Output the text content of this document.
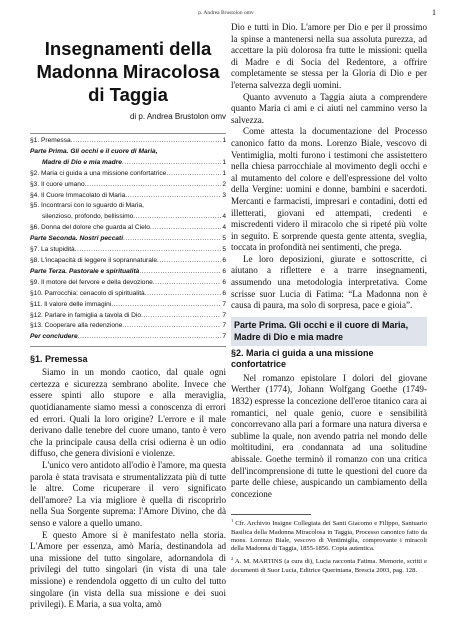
p. Andrea Brustolon omv	1
Insegnamenti della
Madonna Miracolosa
di Taggia
di p. Andrea Brustolon omv
§1. Premessa .....	1
Parte Prima. Gli occhi e il cuore di Maria,
Madre di Dio e mia madre .....	1
§2. Maria ci guida a una missione confortatrice .....	1
§3. Il cuore umano .....	2
§4. Il Cuore Immacolato di Maria .....	3
§5. Incontrarsi con lo sguardo di Maria,
silenzioso, profondo, bellissimo .....	4
§6. Donna del dolore che guarda al Cielo .....	4
Parte Seconda. Nostri peccati .....	5
§7. La stupidità .....	5
§8. L'incapacità di leggere il soprannaturale .....	6
Parte Terza. Pastorale e spiritualità .....	6
§9. Il motore del fervore e della devozione .....	6
§10. Parrocchia: cenacolo di spiritualità .....	6
§11. Il valore delle immagini .....	7
§12. Parlare in famiglia a tavola di Dio .....	7
§13. Cooperare alla redenzione .....	7
Per concludere .....	7
§1. Premessa

Siamo in un mondo caotico, dal quale ogni certezza e sicurezza sembrano abolite. Invece che essere spinti allo stupore e alla meraviglia, quotidianamente siamo messi a conoscenza di errori ed errori. Quali la loro origine? L'errore e il male derivano dalle tenebre del cuore umano, tanto è vero che la principale causa della crisi odierna è un odio diffuso, che genera divisioni e violenze.

L'unico vero antidoto all'odio è l'amore, ma questa parola è stata travisata e strumentalizzata più di tutte le altre. Come ricuperare il vero significato dell'amore? La via migliore è quella di riscoprirlo nella Sua Sorgente suprema: l'Amore Divino, che dà senso e valore a quello umano.

E questo Amore si è manifestato nella storia. L'Amore per essenza, amò Maria, destinandola ad una missione del tutto singolare, adornandola di privilegi del tutto singolari (in vista di una tale missione) e rendendola oggetto di un culto del tutto singolare (in vista della sua missione e dei suoi privilegi). E Maria, a sua volta, amò

Dio e tutti in Dio. L'amore per Dio e per il prossimo la spinse a mantenersi nella sua assoluta purezza, ad accettare la più dolorosa fra tutte le missioni: quella di Madre e di Socia del Redentore, a offrire completamente se stessa per la Gloria di Dio e per l'eterna salvezza degli uomini.

Quanto avvenuto a Taggia aiuta a comprendere quanto Maria ci ami e ci aiuti nel cammino verso la salvezza.

Come attesta la documentazione del Processo canonico fatto da mons. Lorenzo Biale, vescovo di Ventimiglia, molti furono i testimoni che assistettero nella chiesa parrocchiale al movimento degli occhi e al mutamento del colore e dell'espressione del volto della Vergine: uomini e donne, bambini e sacerdoti. Mercanti e farmacisti, impresari e contadini, dotti ed illetterati, giovani ed attempati, credenti e miscredenti videro il miracolo che si ripeté più volte in seguito. E sorprende questa gente attenta, sveglia, toccata in profondità nei sentimenti, che prega.

Le loro deposizioni, giurate e sottoscritte, ci aiutano a riflettere e a trarre insegnamenti, assumendo una metodologia interpretativa. Come scrisse suor Lucia di Fatima: “La Madonna non è causa di paura, ma solo di sorpresa, pace e gioia”.

Parte Prima. Gli occhi e il cuore di Maria, Madre di Dio e mia madre
§2. Maria ci guida a una missione confortatrice

Nel romanzo epistolare I dolori del giovane Werther (1774), Johann Wolfgang Goethe (1749-1832) espresse la concezione dell'eroe titanico cara ai romantici, nel quale genio, cuore e sensibilità concorrevano alla pari a formare una natura diversa e sublime la quale, non avendo patria nel mondo delle moltitudini, era condannata ad una solitudine abissale. Goethe terminò il romanzo con una critica dell'incomprensione di tutte le questioni del cuore da parte delle chiese, auspicando un cambiamento della concezione

$^1$ Cfr. Archivio Insigne Collegiata dei Santi Giacomo e Filippo, Santuario Basilica della Madonna Miracolosa in Taggia, Processo canonico fatto da mons. Lorenzo Biale, vescovo di Ventimiglia, comprovante i miracoli della Madonna di Taggia, 1855-1856. Copia autentica.

$^2$ A. M. MARTINS (a cura di), Lucia racconta Fatima. Memorie, scritti e documenti di Suor Lucia, Editrice Queriniana, Brescia 2003, pag. 128.
